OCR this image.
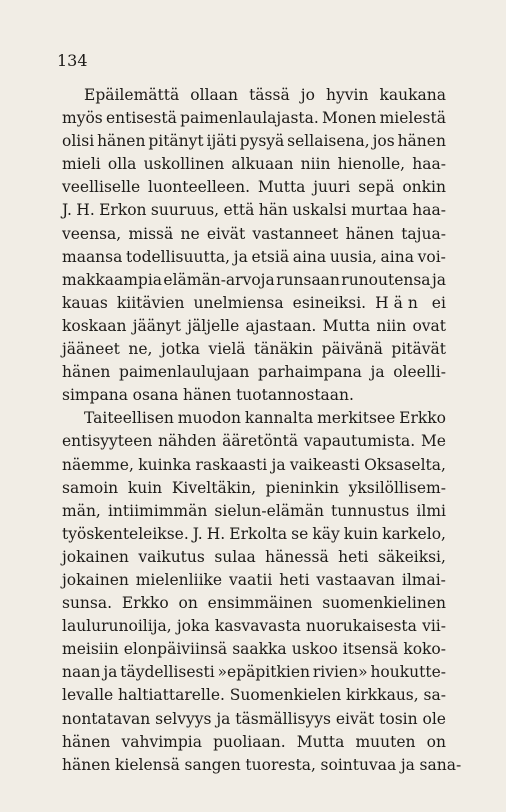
134
Epäilemättä ollaan tässä jo hyvin kaukana
myös entisestä paimenlaulajasta. Monen mielestä
olisi hänen pitänyt ijäti pysyä sellaisena, jos hänen
mieli olla uskollinen alkuaan niin hienolle, haa-
veelliselle luonteelleen. Mutta juuri sepä onkin
J. H. Erkon suuruus, että hän uskalsi murtaa haa-
veensa, missä ne eivät vastanneet hänen tajua-
maansa todellisuutta, ja etsiä aina uusia, aina voi-
makkaampia elämän-arvoja runsaan runoutensa ja
kauas kiitävien unelmiensa esineiksi. Hän ei
koskaan jäänyt jäljelle ajastaan. Mutta niin ovat
jääneet ne, jotka vielä tänäkin päivänä pitävät
hänen paimenlaulujaan parhaimpana ja oleelli-
simpana osana hänen tuotannostaan.
Taiteellisen muodon kannalta merkitsee Erkko
entisyyteen nähden ääretöntä vapautumista. Me
näemme, kuinka raskaasti ja vaikeasti Oksaselta,
samoin kuin Kiveltäkin, pieninkin yksilöllisem-
män, intiimimmän sielun-elämän tunnustus ilmi
työskenteleikse. J. H. Erkolta se käy kuin karkelo,
jokainen vaikutus sulaa hänessä heti säkeiksi,
jokainen mielenliike vaatii heti vastaavan ilmai-
sunsa. Erkko on ensimmäinen suomenkielinen
laulurunoilija, joka kasvavasta nuorukaisesta vii-
meisiin elonpäiviinsä saakka uskoo itsensä koko-
naan ja täydellisesti »epäpitkien rivien» houkutte-
levalle haltiattarelle. Suomenkielen kirkkaus, sa-
nontatavan selvyys ja täsmällisyys eivät tosin ole
hänen vahvimpia puoliaan. Mutta muuten on
hänen kielensä sangen tuoresta, sointuvaa ja sana-
